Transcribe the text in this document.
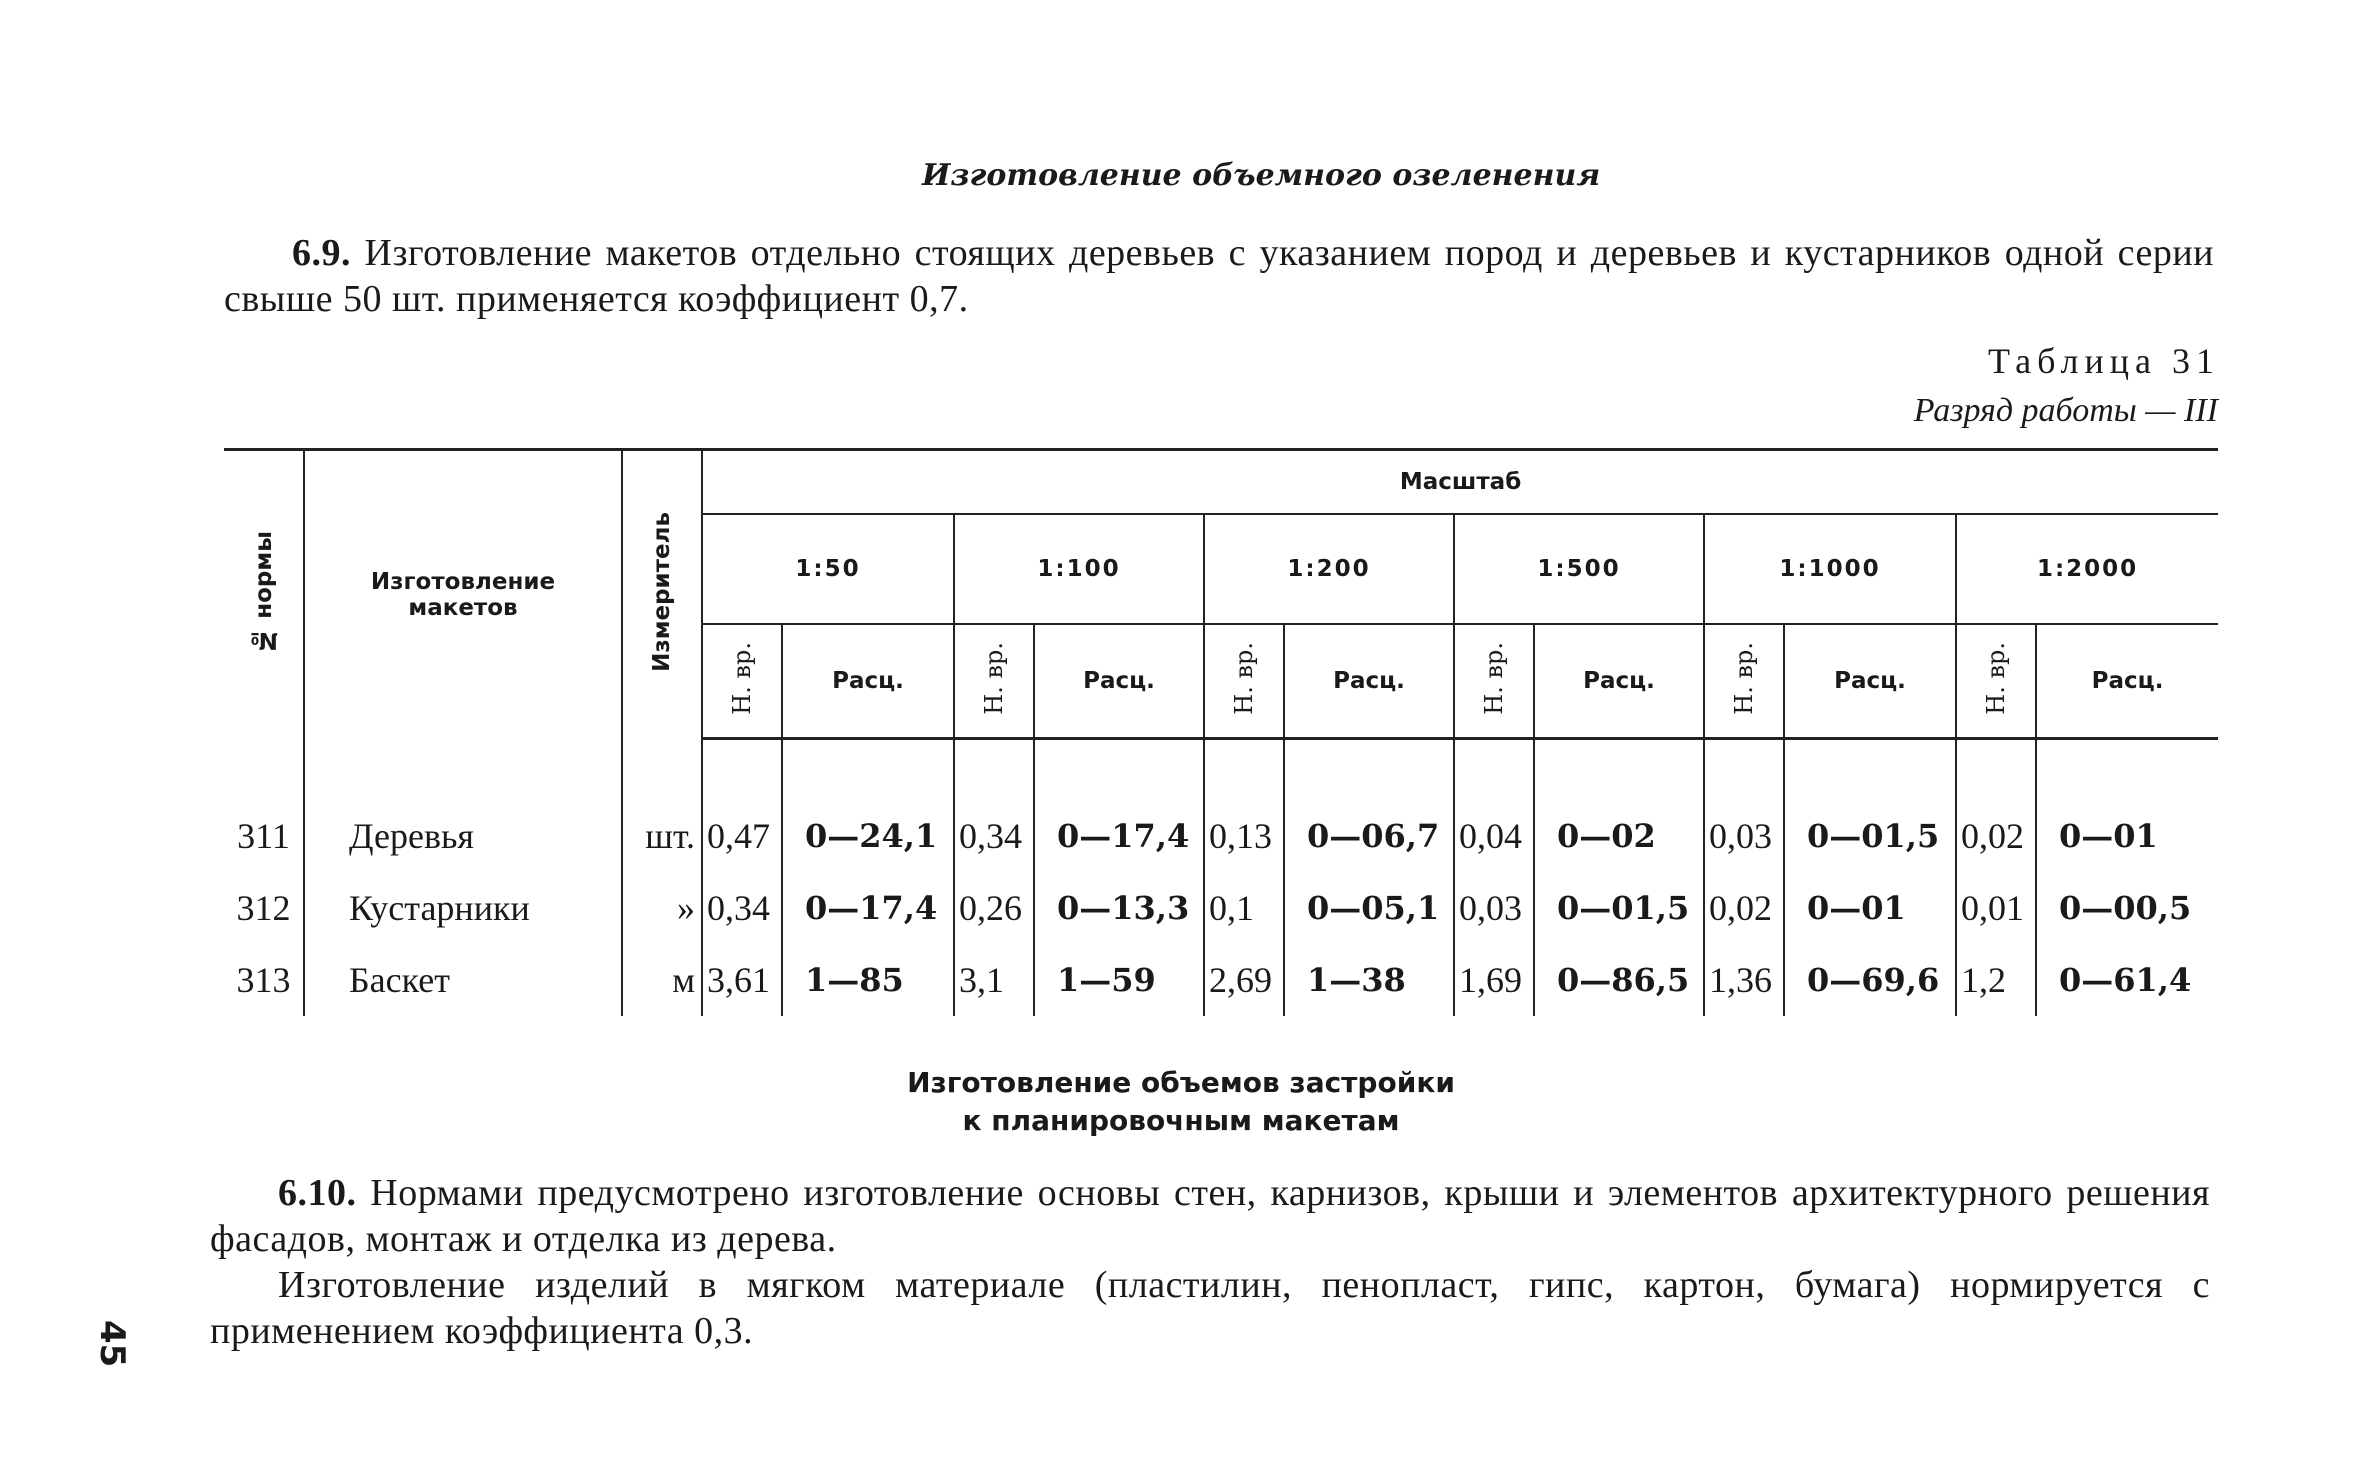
Изготовление объемного озеленения
6.9. Изготовление макетов отдельно стоящих деревьев с указанием пород и деревьев и кустарников одной серии свыше 50 шт. применяется коэффициент 0,7.
Таблица 31
Разряд работы — III
№ нормы	Изготовление макетов	Измеритель	Масштаб											
			1:50		1:100		1:200		1:500		1:1000		1:2000	
			Н. вр.	Расц.	Н. вр.	Расц.	Н. вр.	Расц.	Н. вр.	Расц.	Н. вр.	Расц.	Н. вр.	Расц.

311	Деревья	шт.	0,47	0—24,1	0,34	0—17,4	0,13	0—06,7	0,04	0—02	0,03	0—01,5	0,02	0—01
312	Кустарники	»	0,34	0—17,4	0,26	0—13,3	0,1	0—05,1	0,03	0—01,5	0,02	0—01	0,01	0—00,5
313	Баскет	м	3,61	1—85	3,1	1—59	2,69	1—38	1,69	0—86,5	1,36	0—69,6	1,2	0—61,4
Изготовление объемов застройки
к планировочным макетам
6.10. Нормами предусмотрено изготовление основы стен, карнизов, крыши и элементов архитектурного решения фасадов, монтаж и отделка из дерева.
Изготовление изделий в мягком материале (пластилин, пенопласт, гипс, картон, бумага) нормируется с применением коэффициента 0,3.
45
